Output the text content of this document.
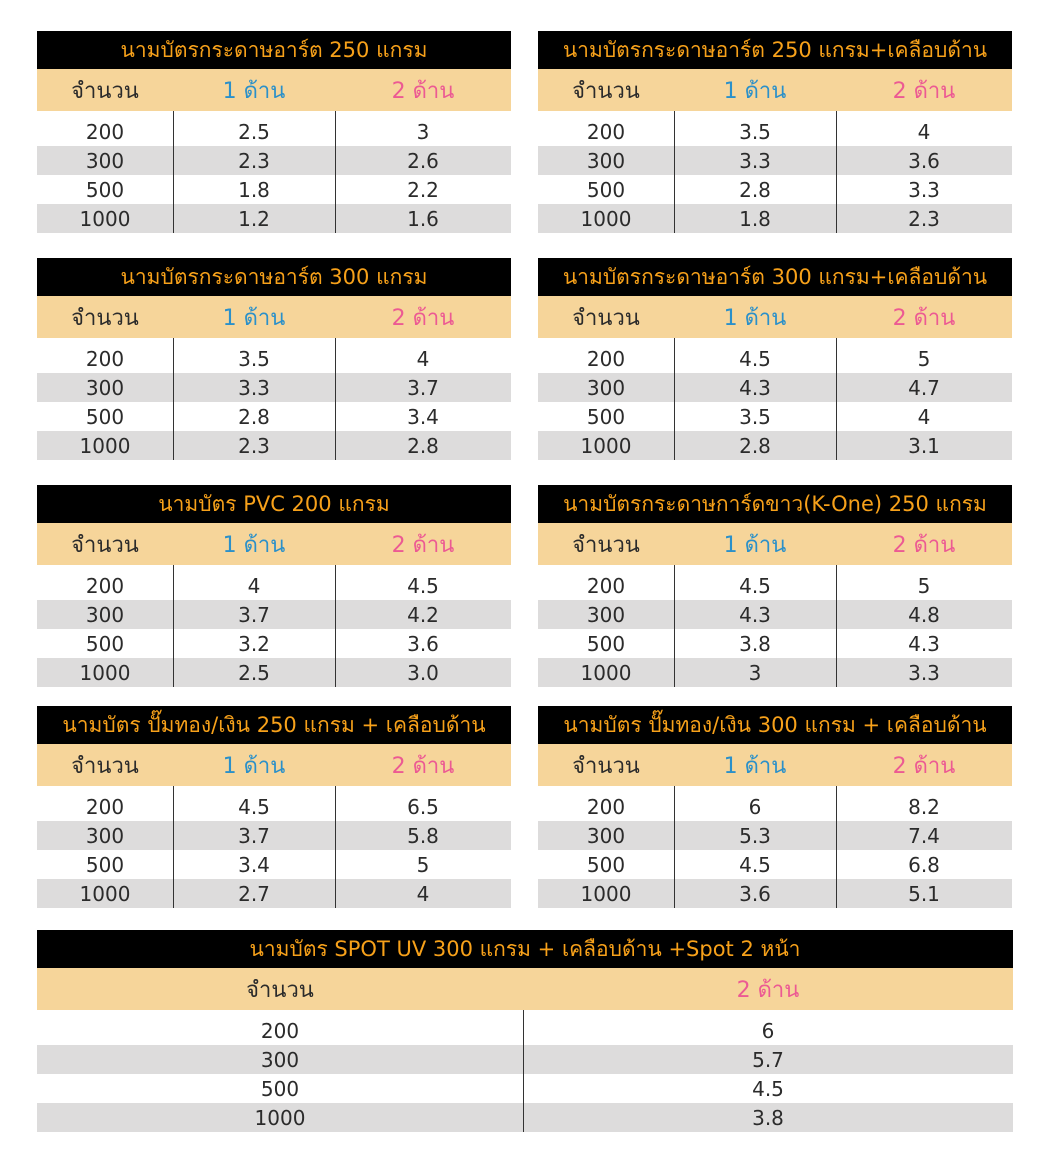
นามบัตรกระดาษอาร์ต 250 แกรม
จำนวน	1 ด้าน	2 ด้าน
200	2.5	3
300	2.3	2.6
500	1.8	2.2
1000	1.2	1.6
นามบัตรกระดาษอาร์ต 250 แกรม+เคลือบด้าน
จำนวน	1 ด้าน	2 ด้าน
200	3.5	4
300	3.3	3.6
500	2.8	3.3
1000	1.8	2.3
นามบัตรกระดาษอาร์ต 300 แกรม
จำนวน	1 ด้าน	2 ด้าน
200	3.5	4
300	3.3	3.7
500	2.8	3.4
1000	2.3	2.8
นามบัตรกระดาษอาร์ต 300 แกรม+เคลือบด้าน
จำนวน	1 ด้าน	2 ด้าน
200	4.5	5
300	4.3	4.7
500	3.5	4
1000	2.8	3.1
นามบัตร PVC 200 แกรม
จำนวน	1 ด้าน	2 ด้าน
200	4	4.5
300	3.7	4.2
500	3.2	3.6
1000	2.5	3.0
นามบัตรกระดาษการ์ดขาว(K-One) 250 แกรม
จำนวน	1 ด้าน	2 ด้าน
200	4.5	5
300	4.3	4.8
500	3.8	4.3
1000	3	3.3
นามบัตร ปั๊มทอง/เงิน 250 แกรม + เคลือบด้าน
จำนวน	1 ด้าน	2 ด้าน
200	4.5	6.5
300	3.7	5.8
500	3.4	5
1000	2.7	4
นามบัตร ปั๊มทอง/เงิน 300 แกรม + เคลือบด้าน
จำนวน	1 ด้าน	2 ด้าน
200	6	8.2
300	5.3	7.4
500	4.5	6.8
1000	3.6	5.1
นามบัตร SPOT UV 300 แกรม + เคลือบด้าน +Spot 2 หน้า
จำนวน	2 ด้าน
200	6
300	5.7
500	4.5
1000	3.8
